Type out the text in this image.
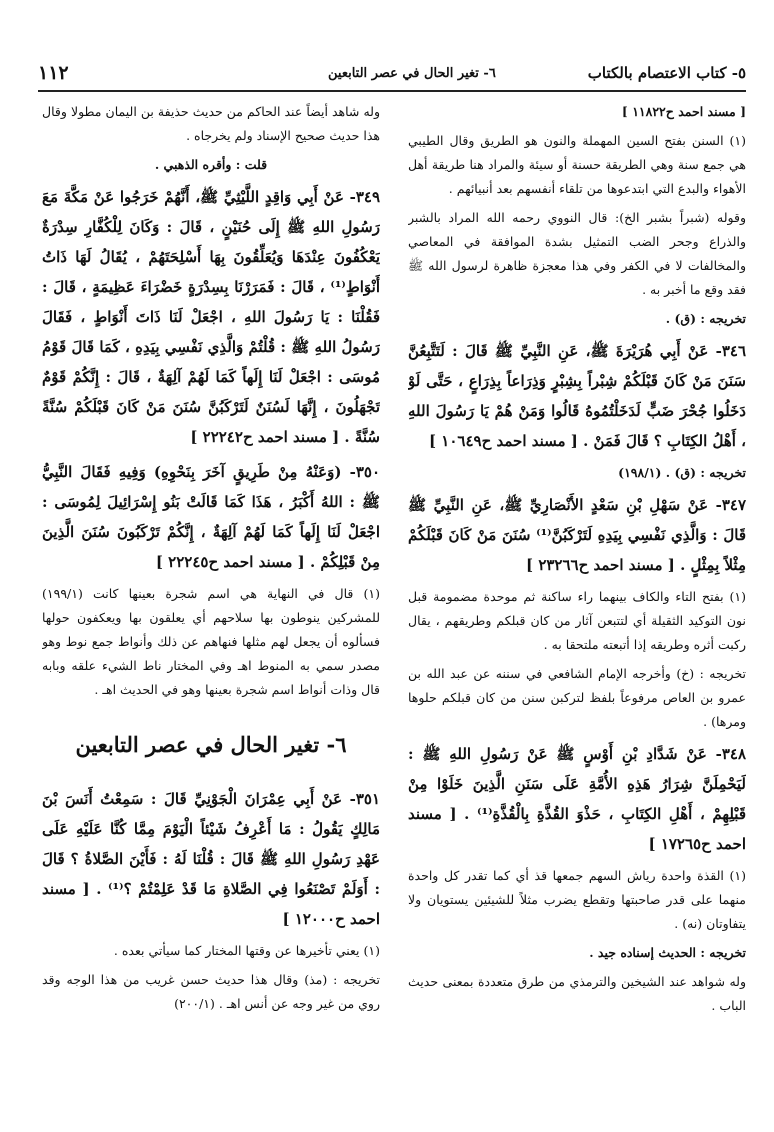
٥- كتاب الاعتصام بالكتاب
٦- تغير الحال في عصر التابعين
١١٢

[ مسند احمد ح١١٨٢٢ ]

(١) السنن بفتح السين المهملة والنون هو الطريق وقال الطيبي هي جمع سنة وهي الطريقة حسنة أو سيئة والمراد هنا طريقة أهل الأهواء والبدع التي ابتدعوها من تلقاء أنفسهم بعد أنبيائهم .

وقوله (شبراً بشبر الخ): قال النووي رحمه الله المراد بالشبر والذراع وجحر الضب التمثيل بشدة الموافقة في المعاصي والمخالفات لا في الكفر وفي هذا معجزة ظاهرة لرسول الله ﷺ فقد وقع ما أخبر به .

تخريجه : (ق) .

٣٤٦- عَنْ أَبِي هُرَيْرَةَ ﷺ، عَنِ النَّبِيِّ ﷺ قَالَ : لَتَتَّبِعُنَّ سَنَنَ مَنْ كَانَ قَبْلَكُمْ شِبْراً بِشِبْرٍ وَذِرَاعاً بِذِرَاعٍ ، حَتَّى لَوْ دَخَلُوا جُحْرَ ضَبٍّ لَدَخَلْتُمُوهُ قَالُوا وَمَنْ هُمْ يَا رَسُولَ اللهِ ، أَهْلُ الكِتَابِ ؟ قَالَ فَمَنْ . [ مسند احمد ح١٠٦٤٩ ]

تخريجه : (ق) . (١٩٨/١)

٣٤٧- عَنْ سَهْلِ بْنِ سَعْدٍ الأَنْصَارِيِّ ﷺ، عَنِ النَّبِيِّ ﷺ قَالَ : وَالَّذِي نَفْسِي بِيَدِهِ لَتَرْكَبُنَّ⁽¹⁾ سُنَنَ مَنْ كَانَ قَبْلَكُمْ مِثْلاً بِمِثْلٍ . [ مسند احمد ح٢٣٢٦٦ ]

(١) بفتح التاء والكاف بينهما راء ساكنة ثم موحدة مضمومة قبل نون التوكيد الثقيلة أي لتتبعن آثار من كان قبلكم وطريقهم ، يقال ركبت أثره وطريقه إذا أتبعته ملتحقا به .

تخريجه : (خ) وأخرجه الإمام الشافعي في سننه عن عبد الله بن عمرو بن العاص مرفوعاً بلفظ لتركبن سنن من كان قبلكم حلوها ومرها) .

٣٤٨- عَنْ شَدَّادِ بْنِ أَوْسٍ ﷺ عَنْ رَسُولِ اللهِ ﷺ : لَيَحْمِلَنَّ شِرَارُ هَذِهِ الأُمَّةِ عَلَى سَنَنِ الَّذِينَ خَلَوْا مِنْ قَبْلِهِمْ ، أَهْلِ الكِتَابِ ، حَذْوَ القُذَّةِ بِالْقُذَّةِ⁽¹⁾ . [ مسند احمد ح١٧٢٦٥ ]

(١) القذة واحدة رياش السهم جمعها قذ أي كما تقدر كل واحدة منهما على قدر صاحبتها وتقطع يضرب مثلاً للشيئين يستويان ولا يتفاوتان (نه) .

تخريجه : الحديث إسناده جيد .

وله شواهد عند الشيخين والترمذي من طرق متعددة بمعنى حديث الباب .

وله شاهد أيضاً عند الحاكم من حديث حذيفة بن اليمان مطولا وقال هذا حديث صحيح الإسناد ولم يخرجاه .

قلت : وأقره الذهبي .

٣٤٩- عَنْ أَبِي وَاقِدٍ اللَّيْثِيِّ ﷺ، أَنَّهُمْ خَرَجُوا عَنْ مَكَّةَ مَعَ رَسُولِ اللهِ ﷺ إِلَى حُنَيْنٍ ، قَالَ : وَكَانَ لِلْكُفَّارِ سِدْرَةٌ يَعْكُفُونَ عِنْدَهَا وَيُعَلِّقُونَ بِهَا أَسْلِحَتَهُمْ ، يُقَالُ لَهَا ذَاتُ أَنْوَاطٍ⁽¹⁾ ، قَالَ : فَمَرَرْنَا بِسِدْرَةٍ خَضْرَاءَ عَظِيمَةٍ ، قَالَ : فَقُلْنَا : يَا رَسُولَ اللهِ ، اجْعَلْ لَنَا ذَاتَ أَنْوَاطٍ ، فَقَالَ رَسُولُ اللهِ ﷺ : قُلْتُمْ وَالَّذِي نَفْسِي بِيَدِهِ ، كَمَا قَالَ قَوْمُ مُوسَى : اجْعَلْ لَنَا إِلَهاً كَمَا لَهُمْ آلِهَةٌ ، قَالَ : إِنَّكُمْ قَوْمٌ تَجْهَلُونَ ، إِنَّهَا لَسُنَنٌ لَتَرْكَبُنَّ سُنَنَ مَنْ كَانَ قَبْلَكُمْ سُنَّةً سُنَّةً . [ مسند احمد ح٢٢٢٤٢ ]

٣٥٠- (وَعَنْهُ مِنْ طَرِيقٍ آخَرَ بِنَحْوِهِ) وَفِيهِ فَقَالَ النَّبِيُّ ﷺ : اللهُ أَكْبَرُ ، هَذَا كَمَا قَالَتْ بَنُو إِسْرَائِيلَ لِمُوسَى : اجْعَلْ لَنَا إِلَهاً كَمَا لَهُمْ آلِهَةٌ ، إِنَّكُمْ تَرْكَبُونَ سُنَنَ الَّذِينَ مِنْ قَبْلِكُمْ . [ مسند احمد ح٢٢٢٤٥ ]

(١) قال في النهاية هي اسم شجرة بعينها كانت (١٩٩/١) للمشركين ينوطون بها سلاحهم أي يعلقون بها ويعكفون حولها فسألوه أن يجعل لهم مثلها فنهاهم عن ذلك وأنواط جمع نوط وهو مصدر سمي به المنوط اهـ وفي المختار ناط الشيء علقه وبابه قال وذات أنواط اسم شجرة بعينها وهو في الحديث اهـ .

٦- تغير الحال في عصر التابعين

٣٥١- عَنْ أَبِي عِمْرَانَ الْجَوْنِيِّ قَالَ : سَمِعْتُ أَنَسَ بْنَ مَالِكٍ يَقُولُ : مَا أَعْرِفُ شَيْئاً الْيَوْمَ مِمَّا كُنَّا عَلَيْهِ عَلَى عَهْدِ رَسُولِ اللهِ ﷺ قَالَ : قُلْنَا لَهُ : فَأَيْنَ الصَّلاةُ ؟ قَالَ : أَوَلَمْ تَصْنَعُوا فِي الصَّلاةِ مَا قَدْ عَلِمْتُمْ ؟⁽¹⁾ . [ مسند احمد ح١٢٠٠٠ ]

(١) يعني تأخيرها عن وقتها المختار كما سيأتي بعده .

تخريجه : (مذ) وقال هذا حديث حسن غريب من هذا الوجه وقد روي من غير وجه عن أنس اهـ . (٢٠٠/١)
